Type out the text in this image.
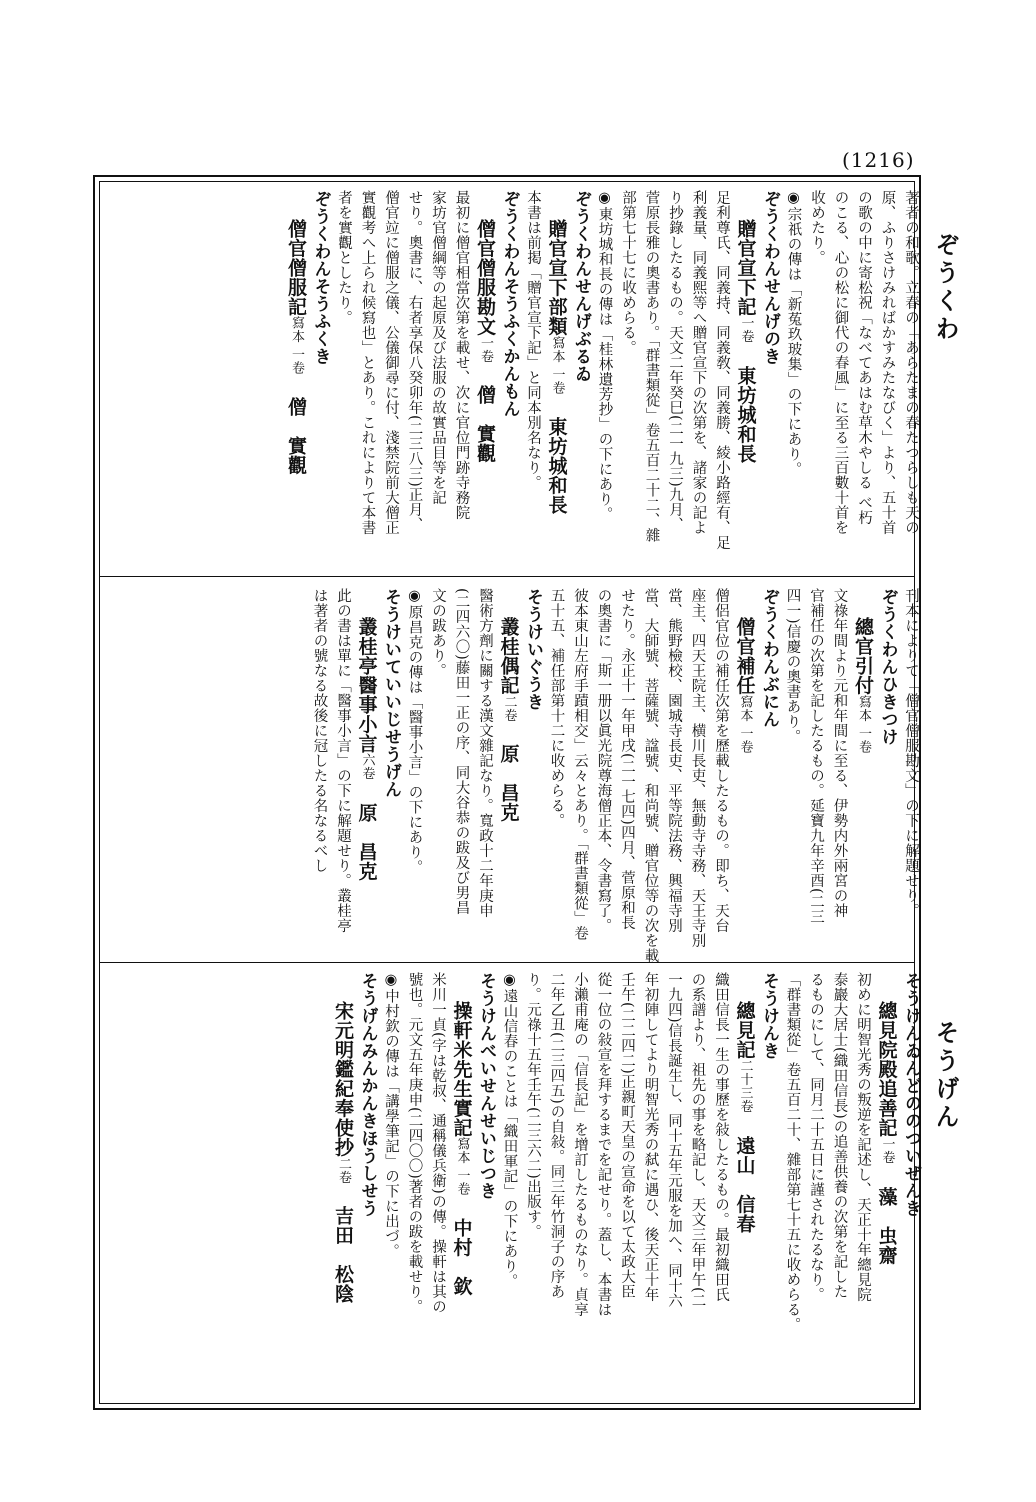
(1216)
ぞうくわ
そうげん
著者の和歌。立春の「あらたまの春たつらしも天の
原、ふりさけみればかすみたなびく」より、五十首
の歌の中に寄松祝「なべてあはむ草木やしる べ朽
のこる、心の松に御代の春風」に至る三百數十首を
收めたり。
◉宗祇の傳は「新菟玖玻集」の下にあり。
ぞうくわんせんげのき
贈官宣下記一卷東坊城和長
足利尊氏、同義持、同義敎、同義勝、綾小路經有、足
利義量、同義熙等へ贈官宣下の次第を、諸家の記よ
り抄錄したるもの。天文二年癸巳(二一九三)九月、
菅原長雅の奧書あり。「群書類從」卷五百二十二、雜
部第七十七に收めらる。
◉東坊城和長の傳は「桂林遺芳抄」の下にあり。
ぞうくわんせんげぶるゐ
贈官宣下部類寫本 一卷東坊城和長
本書は前掲「贈官宣下記」と同本別名なり。
ぞうくわんそうふくかんもん
僧官僧服勘文一卷僧　實觀
最初に僧官相當次第を載せ、次に官位門跡寺務院
家坊官僧綱等の起原及び法服の故實品目等を記
せり。奧書に、右者享保八癸卯年(二三八三)正月、
僧官竝に僧服之儀、公儀御尋に付、淺禁院前大僧正
實觀考へ上られ候寫也」とあり。これによりて本書
者を實觀としたり。
ぞうくわんそうふくき
僧官僧服記寫本 一卷僧　實觀
刊本によりて「僧官僧服勘文」の下に解題せり。
ぞうくわんひきつけ
總官引付寫本 一卷
文祿年間より元和年間に至る、伊勢内外兩宮の神
官補任の次第を記したるもの。延寶九年辛酉(二三
四一)信慶の奧書あり。
ぞうくわんぶにん
僧官補任寫本 一卷
僧侶官位の補任次第を歷載したるもの。即ち、天台
座主、四天王院主、横川長吏、無動寺寺務、天王寺別
當、熊野檢校、園城寺長吏、平等院法務、興福寺別
當、大師號、菩薩號、諡號、和尚號、贈官位等の次を載
せたり。永正十一年甲戌(二一七四)四月、菅原和長
の奧書に「斯一册以眞光院尊海僧正本、令書寫了。
彼本東山左府手蹟相交」云々とあり。「群書類從」卷
五十五、補任部第十二に收めらる。
そうけいぐうき
叢桂偶記二卷原　昌克
醫術方劑に關する漢文雜記なり。寬政十二年庚申
(二四六〇)藤田一正の序、同大谷恭の跋及び男昌
文の跋あり。
◉原昌克の傳は「醫事小言」の下にあり。
そうけいていいじせうげん
叢桂亭醫事小言六卷原　昌克
此の書は單に「醫事小言」の下に解題せり。叢桂亭
は著者の號なる故後に冠したる名なるべし
そうけんゐんどののついぜんき
總見院殿追善記一卷藻　虫齋
初めに明智光秀の叛逆を記述し、天正十年總見院
泰巖大居士(織田信長)の追善供養の次第を記した
るものにして、同月二十五日に謹されたるなり。
「群書類從」卷五百二十、雜部第七十五に收めらる。
そうけんき
總見記二十三卷遠山　信春
織田信長一生の事歷を敍したるもの。最初織田氏
の系譜より、祖先の事を略記し、天文三年甲午(二
一九四)信長誕生し、同十五年元服を加へ、同十六
年初陣してより明智光秀の弑に遇ひ、後天正十年
壬午(二二四二)正親町天皇の宣命を以て太政大臣
從一位の敍宣を拜するまでを記せり。蓋し、本書は
小瀨甫庵の「信長記」を增訂したるものなり。貞享
二年乙丑(二三四五)の自敍。同三年竹洞子の序あ
り。元祿十五年壬午(二三六二)出版す。
◉遠山信春のことは「織田軍記」の下にあり。
そうけんべいせんせいじつき
操軒米先生實記寫本 一卷中村　欽
米川一貞(字は乾叔、通稱儀兵衛)の傳。操軒は其の
號也。元文五年庚申(二四〇〇)著者の跋を載せり。
◉中村欽の傳は「講學筆記」の下に出づ。
そうげんみんかんきほうしせう
宋元明鑑紀奉使抄二卷吉田　松陰
